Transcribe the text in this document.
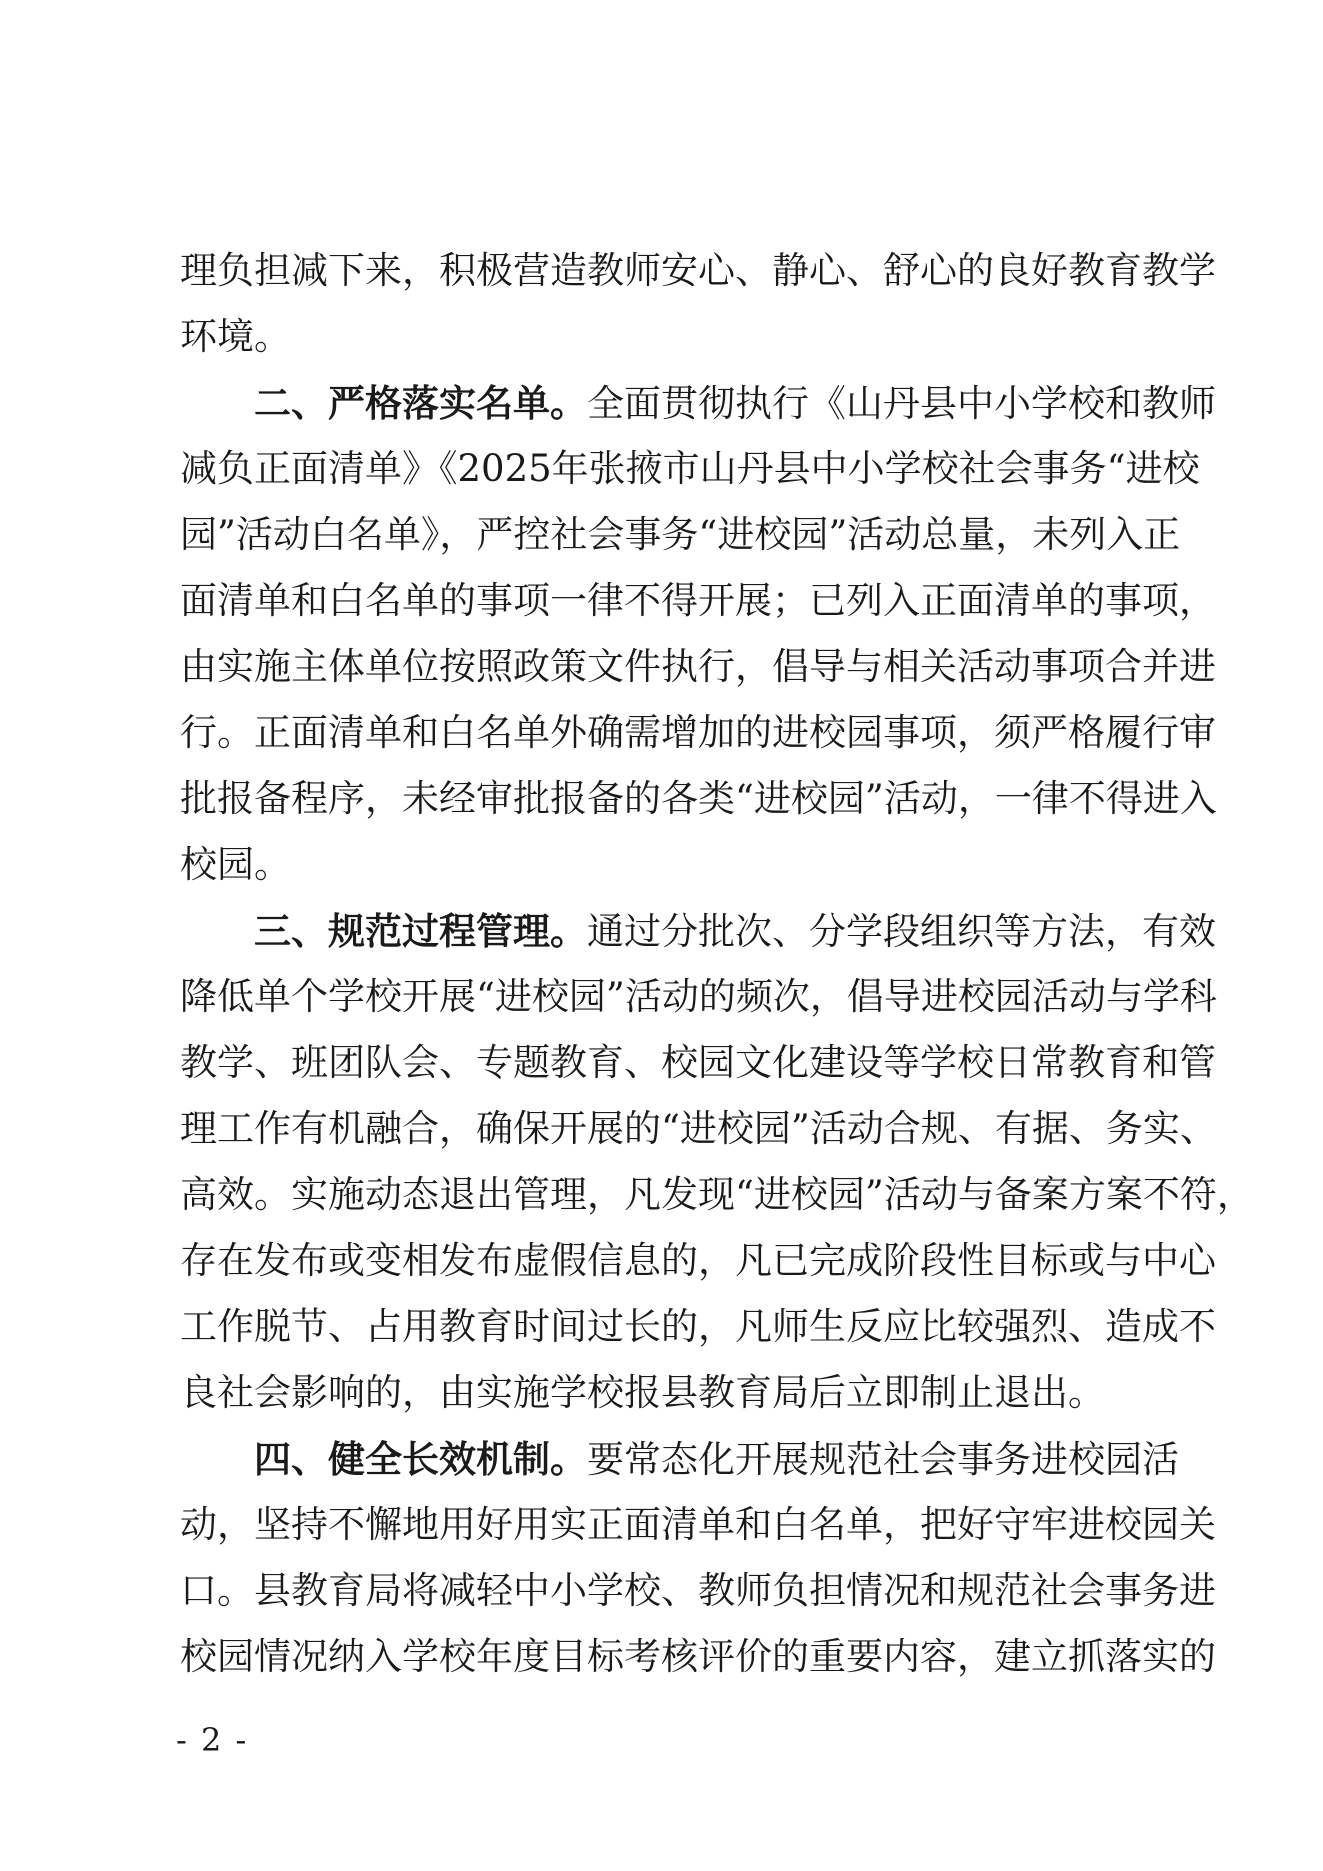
理负担减下来，积极营造教师安心、静心、舒心的良好教育教学
环境。
二、严格落实名单。全面贯彻执行《山丹县中小学校和教师
减负正面清单》《2025年张掖市山丹县中小学校社会事务“进校
园”活动白名单》，严控社会事务“进校园”活动总量，未列入正
面清单和白名单的事项一律不得开展；已列入正面清单的事项，
由实施主体单位按照政策文件执行，倡导与相关活动事项合并进
行。正面清单和白名单外确需增加的进校园事项，须严格履行审
批报备程序，未经审批报备的各类“进校园”活动，一律不得进入
校园。
三、规范过程管理。通过分批次、分学段组织等方法，有效
降低单个学校开展“进校园”活动的频次，倡导进校园活动与学科
教学、班团队会、专题教育、校园文化建设等学校日常教育和管
理工作有机融合，确保开展的“进校园”活动合规、有据、务实、
高效。实施动态退出管理，凡发现“进校园”活动与备案方案不符，
存在发布或变相发布虚假信息的，凡已完成阶段性目标或与中心
工作脱节、占用教育时间过长的，凡师生反应比较强烈、造成不
良社会影响的，由实施学校报县教育局后立即制止退出。
四、健全长效机制。要常态化开展规范社会事务进校园活
动，坚持不懈地用好用实正面清单和白名单，把好守牢进校园关
口。县教育局将减轻中小学校、教师负担情况和规范社会事务进
校园情况纳入学校年度目标考核评价的重要内容，建立抓落实的
- 2 -
